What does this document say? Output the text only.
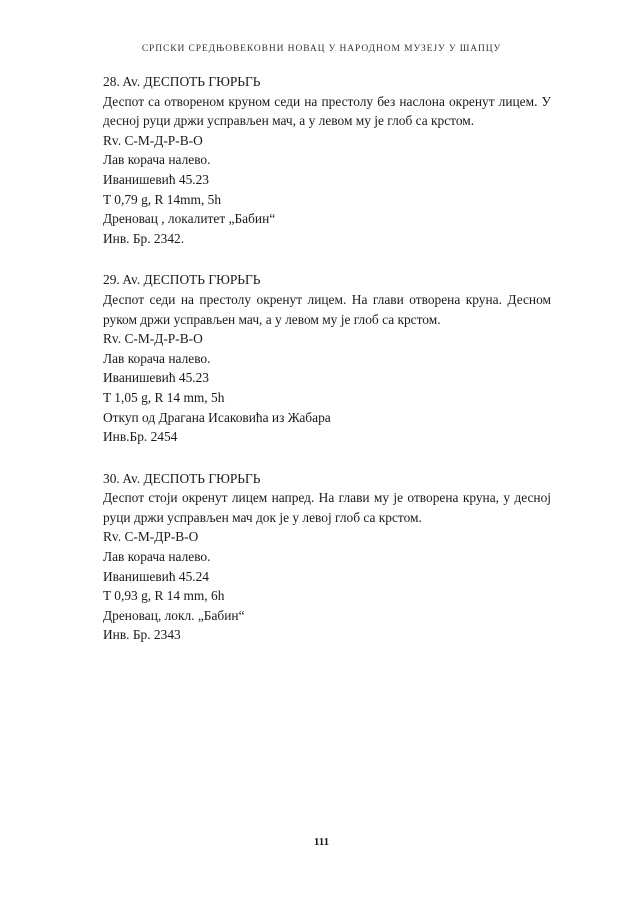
СРПСКИ СРЕДЊОВЕКОВНИ НОВАЦ У НАРОДНОМ МУЗЕЈУ У ШАПЦУ
28. Av. ДЕСПОТЬ ГЮРЬГЬ
Деспот са отвореном круном седи на престолу без наслона окренут лицем. У десној руци држи усправљен мач, а у левом му је глоб са крстом.
Rv. С-М-Д-Р-В-О
Лав корача налево.
Иванишевић 45.23
T 0,79 g, R 14mm, 5h
Дреновац , локалитет „Бабин“
Инв. Бр. 2342.
29. Av. ДЕСПОТЬ ГЮРЬГЬ
Деспот седи на престолу окренут лицем. На глави отворена круна. Десном руком држи усправљен мач, а у левом му је глоб са крстом.
Rv. С-М-Д-Р-В-О
Лав корача налево.
Иванишевић 45.23
T 1,05 g, R 14 mm, 5h
Откуп од Драгана Исаковића из Жабара
Инв.Бр. 2454
30. Av. ДЕСПОТЬ ГЮРЬГЬ
Деспот стоји окренут лицем напред. На глави му је отворена круна, у десној руци држи усправљен мач док је у левој глоб са крстом.
Rv. С-М-ДР-В-О
Лав корача налево.
Иванишевић 45.24
T 0,93 g, R 14 mm, 6h
Дреновац, локл. „Бабин“
Инв. Бр. 2343
111
